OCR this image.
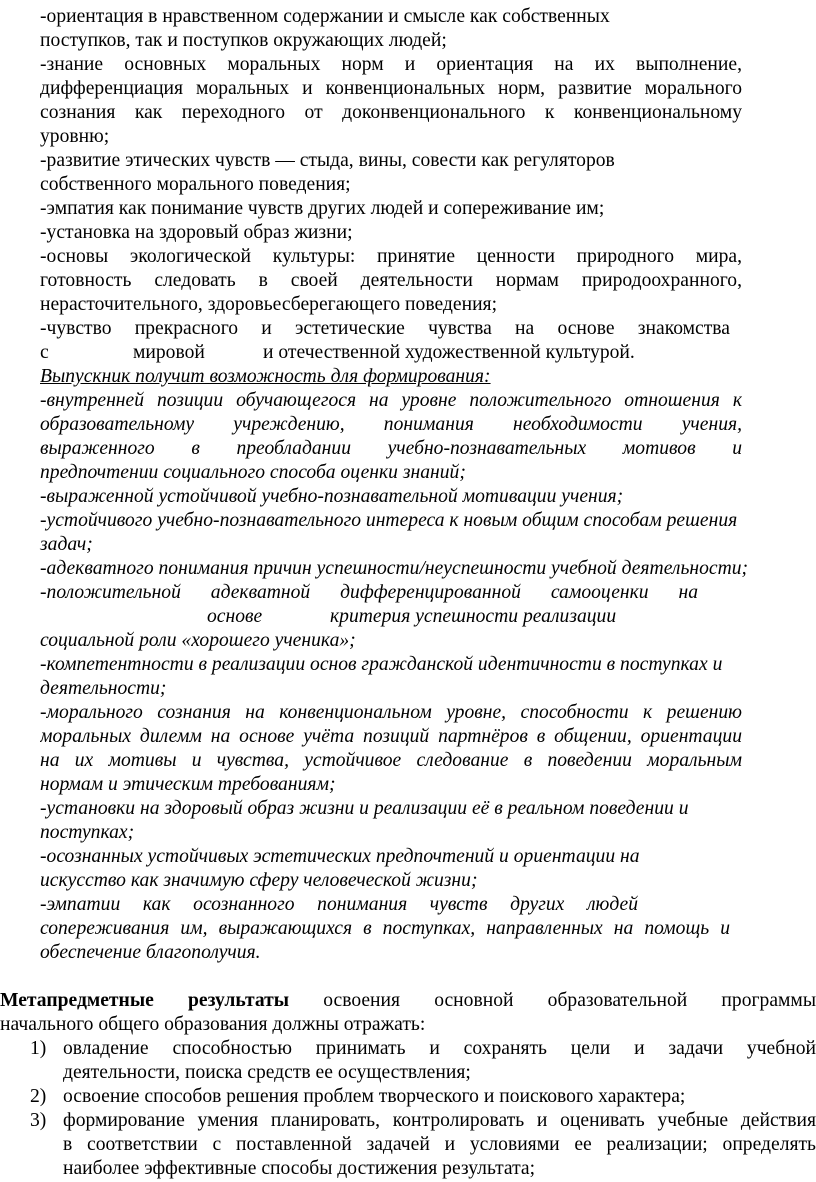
-ориентация в нравственном содержании и смысле как собственных
поступков, так и поступков окружающих людей;
-знание основных моральных норм и ориентация на их выполнение,
дифференциация моральных и конвенциональных норм, развитие морального
сознания как переходного от доконвенционального к конвенциональному
уровню;
-развитие этических чувств — стыда, вины, совести как регуляторов
собственного морального поведения;
-эмпатия как понимание чувств других людей и сопереживание им;
-установка на здоровый образ жизни;
-основы экологической культуры: принятие ценности природного мира,
готовность следовать в своей деятельности нормам природоохранного,
нерасточительного, здоровьесберегающего поведения;
-чувство прекрасного и эстетические чувства на основе знакомства
с	мировой	и отечественной художественной культурой.
Выпускник получит возможность для формирования:
-внутренней позиции обучающегося на уровне положительного отношения к
образовательному учреждению, понимания необходимости учения,
выраженного в преобладании учебно-познавательных мотивов и
предпочтении социального способа оценки знаний;
-выраженной устойчивой учебно-познавательной мотивации учения;
-устойчивого учебно-познавательного интереса к новым общим способам решения
задач;
-адекватного понимания причин успешности/неуспешности учебной деятельности;
-положительной адекватной дифференцированной самооценки на
основе	критерия успешности реализации
социальной роли «хорошего ученика»;
-компетентности в реализации основ гражданской идентичности в поступках и
деятельности;
-морального сознания на конвенциональном уровне, способности к решению
моральных дилемм на основе учёта позиций партнёров в общении, ориентации
на их мотивы и чувства, устойчивое следование в поведении моральным
нормам и этическим требованиям;
-установки на здоровый образ жизни и реализации её в реальном поведении и
поступках;
-осознанных устойчивых эстетических предпочтений и ориентации на
искусство как значимую сферу человеческой жизни;
-эмпатии как осознанного понимания чувств других людей
сопереживания им, выражающихся в поступках, направленных на помощь и
обеспечение благополучия.
Метапредметные результаты освоения основной образовательной программы
начального общего образования должны отражать:
1) овладение способностью принимать и сохранять цели и задачи учебной
деятельности, поиска средств ее осуществления;
2) освоение способов решения проблем творческого и поискового характера;
3) формирование умения планировать, контролировать и оценивать учебные действия
в соответствии с поставленной задачей и условиями ее реализации; определять
наиболее эффективные способы достижения результата;
